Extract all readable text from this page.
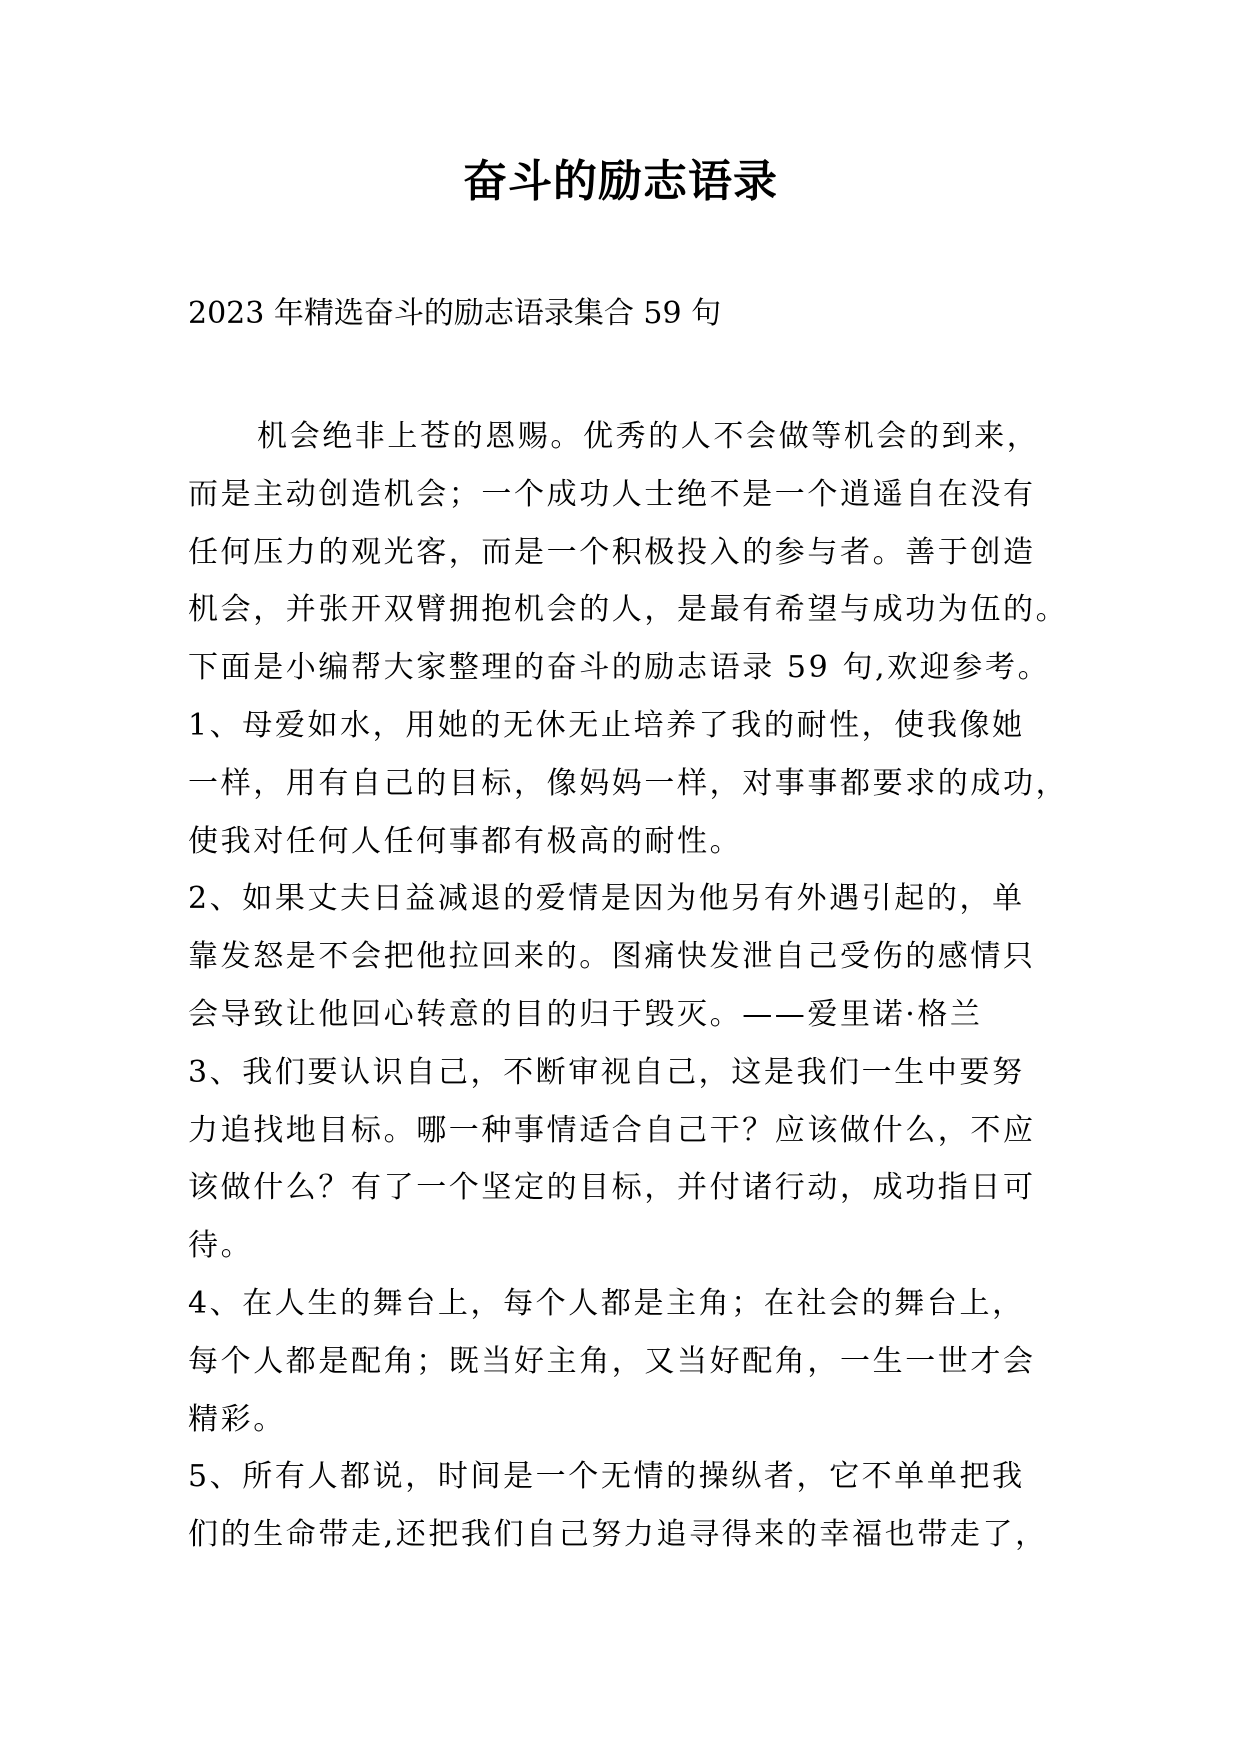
奋斗的励志语录
2023 年精选奋斗的励志语录集合 59 句
机会绝非上苍的恩赐。优秀的人不会做等机会的到来，
而是主动创造机会；一个成功人士绝不是一个逍遥自在没有
任何压力的观光客，而是一个积极投入的参与者。善于创造
机会，并张开双臂拥抱机会的人，是最有希望与成功为伍的。
下面是小编帮大家整理的奋斗的励志语录 59 句,欢迎参考。
1、母爱如水，用她的无休无止培养了我的耐性，使我像她
一样，用有自己的目标，像妈妈一样，对事事都要求的成功，
使我对任何人任何事都有极高的耐性。
2、如果丈夫日益减退的爱情是因为他另有外遇引起的，单
靠发怒是不会把他拉回来的。图痛快发泄自己受伤的感情只
会导致让他回心转意的目的归于毁灭。——爱里诺·格兰
3、我们要认识自己，不断审视自己，这是我们一生中要努
力追找地目标。哪一种事情适合自己干？应该做什么，不应
该做什么？有了一个坚定的目标，并付诸行动，成功指日可
待。
4、在人生的舞台上，每个人都是主角；在社会的舞台上，
每个人都是配角；既当好主角，又当好配角，一生一世才会
精彩。
5、所有人都说，时间是一个无情的操纵者，它不单单把我
们的生命带走,还把我们自己努力追寻得来的幸福也带走了，
